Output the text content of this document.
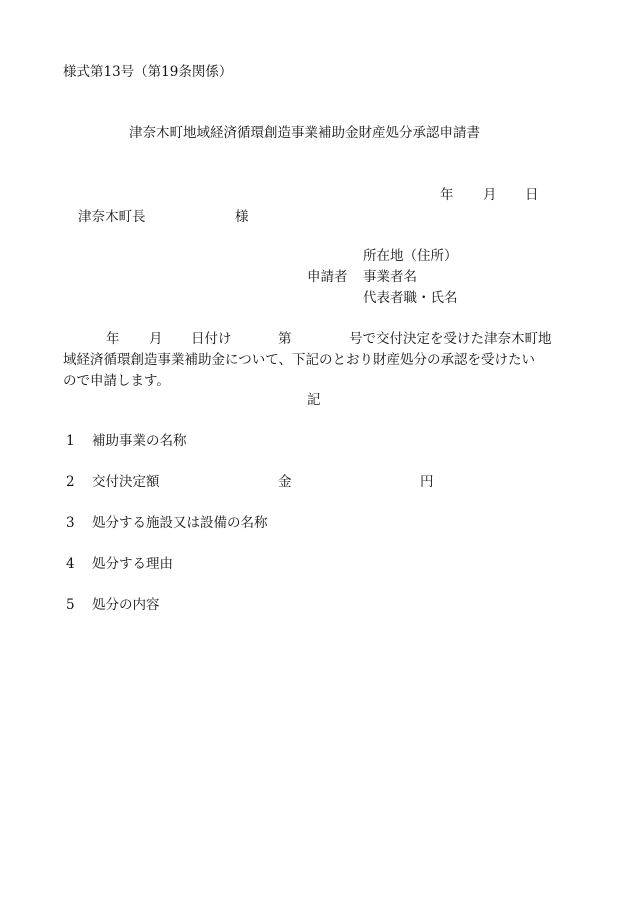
様式第13号（第19条関係）
津奈木町地域経済循環創造事業補助金財産処分承認申請書
年 月 日
津奈木町長	様
所在地（住所）
申請者 事業者名
代表者職・氏名
年 月 日付け	第	号で交付決定を受けた津奈木町地
域経済循環創造事業補助金について、下記のとおり財産処分の承認を受けたい
ので申請します。
記
1 補助事業の名称
2 交付決定額	金	円
3 処分する施設又は設備の名称
4 処分する理由
5 処分の内容
